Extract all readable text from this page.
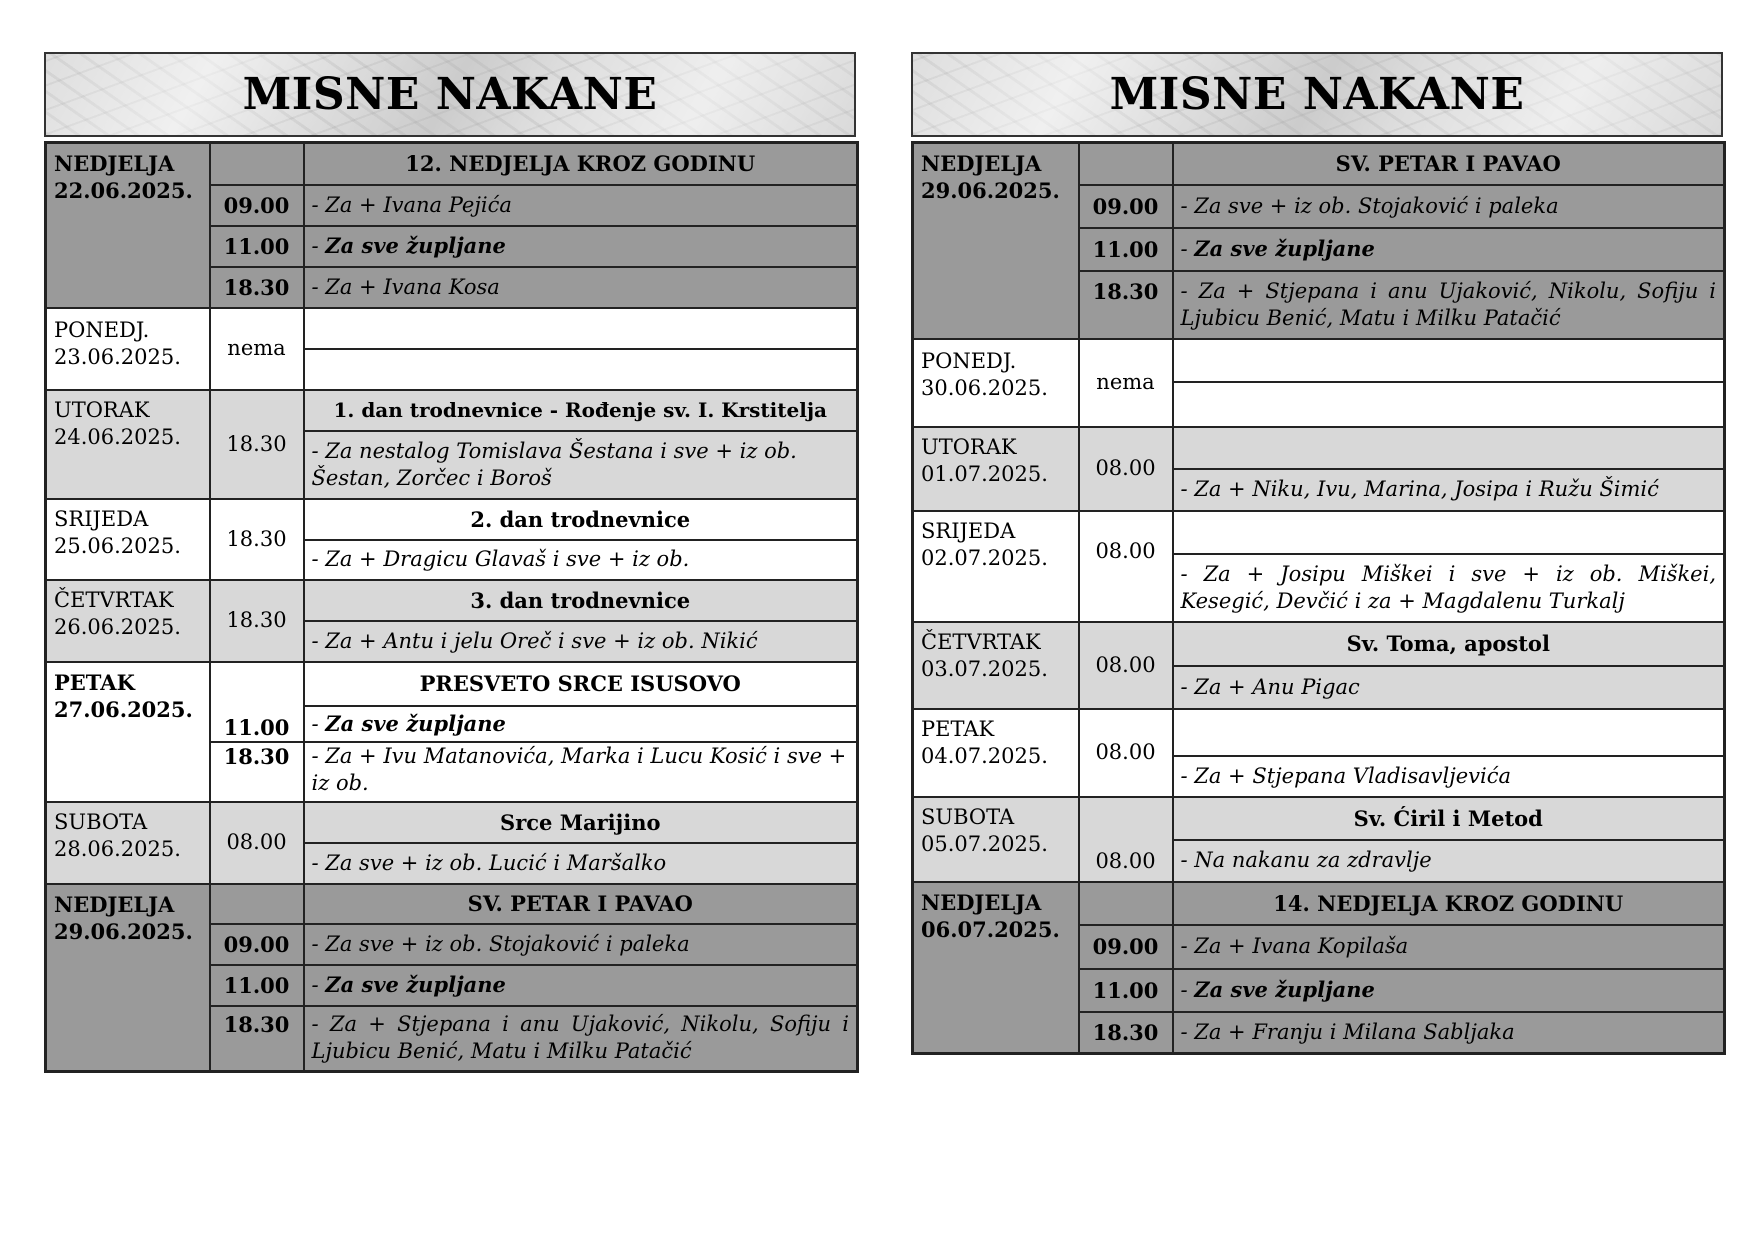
MISNE NAKANE
NEDJELJA
22.06.2025.		12. NEDJELJA KROZ GODINU
	09.00	- Za + Ivana Pejića
	11.00	- Za sve župljane
	18.30	- Za + Ivana Kosa

PONEDJ.
23.06.2025.	nema	

UTORAK
24.06.2025.	18.30	1. dan trodnevnice - Rođenje sv. I. Krstitelja
		- Za nestalog Tomislava Šestana i sve + iz ob. Šestan, Zorčec i Boroš

SRIJEDA
25.06.2025.	18.30	2. dan trodnevnice
		- Za + Dragicu Glavaš i sve + iz ob.

ČETVRTAK
26.06.2025.	18.30	3. dan trodnevnice
		- Za + Antu i jelu Oreč i sve + iz ob. Nikić

PETAK
27.06.2025.		PRESVETO SRCE ISUSOVO
	11.00	- Za sve župljane
	18.30	- Za + Ivu Matanovića, Marka i Lucu Kosić i sve + iz ob.

SUBOTA
28.06.2025.	08.00	Srce Marijino
		- Za sve + iz ob. Lucić i Maršalko

NEDJELJA
29.06.2025.		SV. PETAR I PAVAO
	09.00	- Za sve + iz ob. Stojaković i paleka
	11.00	- Za sve župljane
	18.30	- Za + Stjepana i anu Ujaković, Nikolu, Sofiju i Ljubicu Benić, Matu i Milku Patačić
MISNE NAKANE
NEDJELJA
29.06.2025.		SV. PETAR I PAVAO
	09.00	- Za sve + iz ob. Stojaković i paleka
	11.00	- Za sve župljane
	18.30	- Za + Stjepana i anu Ujaković, Nikolu, Sofiju i Ljubicu Benić, Matu i Milku Patačić

PONEDJ.
30.06.2025.	nema	

UTORAK
01.07.2025.	08.00	
		- Za + Niku, Ivu, Marina, Josipa i Ružu Šimić

SRIJEDA
02.07.2025.	08.00	
		- Za + Josipu Miškei i sve + iz ob. Miškei, Kesegić, Devčić i za + Magdalenu Turkalj

ČETVRTAK
03.07.2025.	08.00	Sv. Toma, apostol
		- Za + Anu Pigac

PETAK
04.07.2025.	08.00	
		- Za + Stjepana Vladisavljevića

SUBOTA
05.07.2025.	08.00	Sv. Ćiril i Metod
		- Na nakanu za zdravlje

NEDJELJA
06.07.2025.		14. NEDJELJA KROZ GODINU
	09.00	- Za + Ivana Kopilaša
	11.00	- Za sve župljane
	18.30	- Za + Franju i Milana Sabljaka
